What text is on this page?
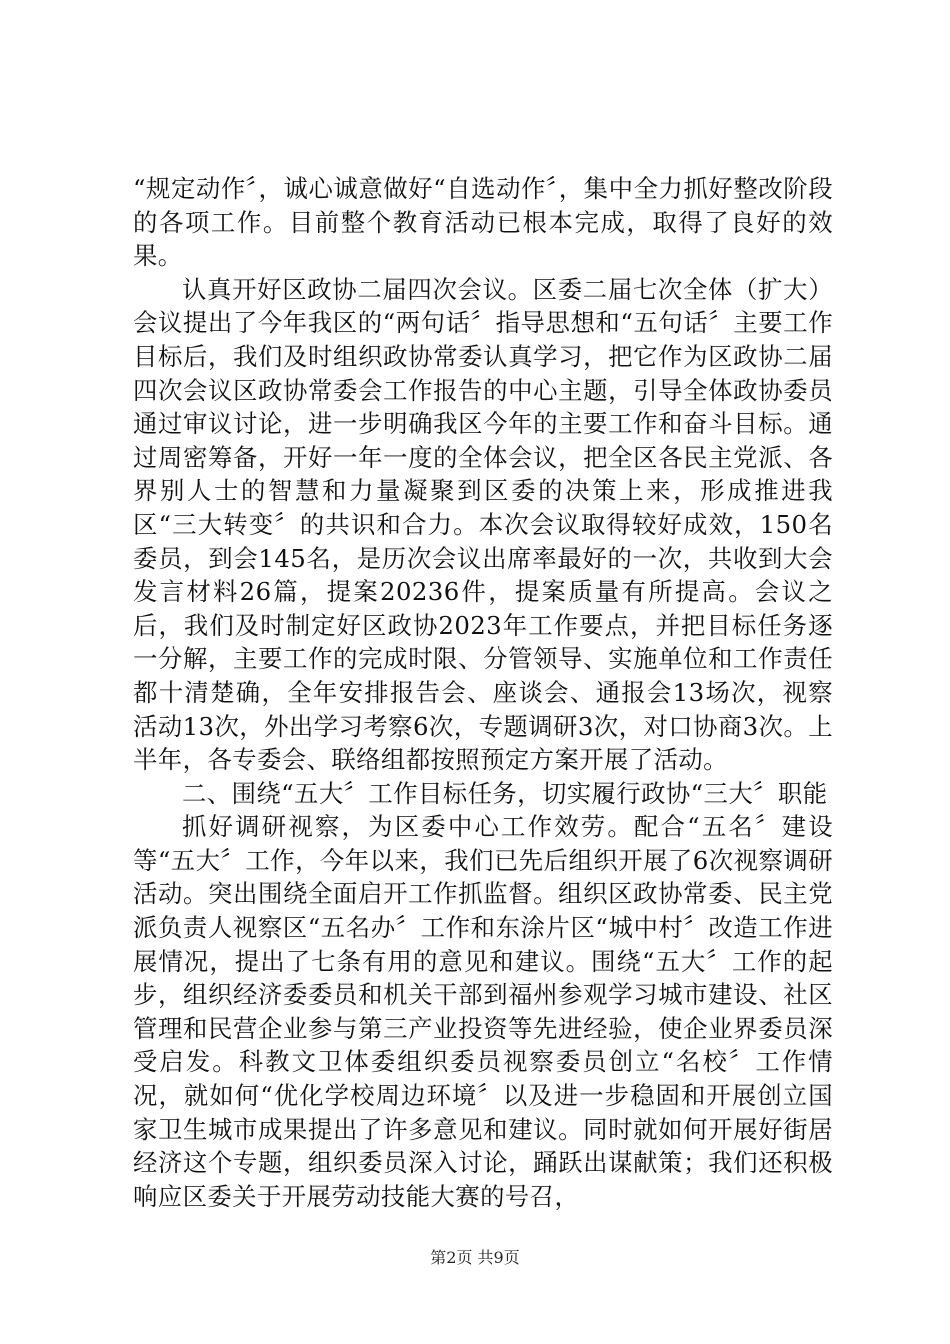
“规定动作〞，诚心诚意做好“自选动作〞，集中全力抓好整改阶段的各项工作。目前整个教育活动已根本完成，取得了良好的效果。

认真开好区政协二届四次会议。区委二届七次全体（扩大）会议提出了今年我区的“两句话〞指导思想和“五句话〞主要工作目标后，我们及时组织政协常委认真学习，把它作为区政协二届四次会议区政协常委会工作报告的中心主题，引导全体政协委员通过审议讨论，进一步明确我区今年的主要工作和奋斗目标。通过周密筹备，开好一年一度的全体会议，把全区各民主党派、各界别人士的智慧和力量凝聚到区委的决策上来，形成推进我区“三大转变〞的共识和合力。本次会议取得较好成效，150名委员，到会145名，是历次会议出席率最好的一次，共收到大会发言材料26篇，提案20236件，提案质量有所提高。会议之后，我们及时制定好区政协2023年工作要点，并把目标任务逐一分解，主要工作的完成时限、分管领导、实施单位和工作责任都十清楚确，全年安排报告会、座谈会、通报会13场次，视察活动13次，外出学习考察6次，专题调研3次，对口协商3次。上半年，各专委会、联络组都按照预定方案开展了活动。

二、围绕“五大〞工作目标任务，切实履行政协“三大〞职能

抓好调研视察，为区委中心工作效劳。配合“五名〞建设等“五大〞工作，今年以来，我们已先后组织开展了6次视察调研活动。突出围绕全面启开工作抓监督。组织区政协常委、民主党派负责人视察区“五名办〞工作和东涂片区“城中村〞改造工作进展情况，提出了七条有用的意见和建议。围绕“五大〞工作的起步，组织经济委委员和机关干部到福州参观学习城市建设、社区管理和民营企业参与第三产业投资等先进经验，使企业界委员深受启发。科教文卫体委组织委员视察委员创立“名校〞工作情况，就如何“优化学校周边环境〞以及进一步稳固和开展创立国家卫生城市成果提出了许多意见和建议。同时就如何开展好街居经济这个专题，组织委员深入讨论，踊跃出谋献策；我们还积极响应区委关于开展劳动技能大赛的号召，

第2页 共9页
